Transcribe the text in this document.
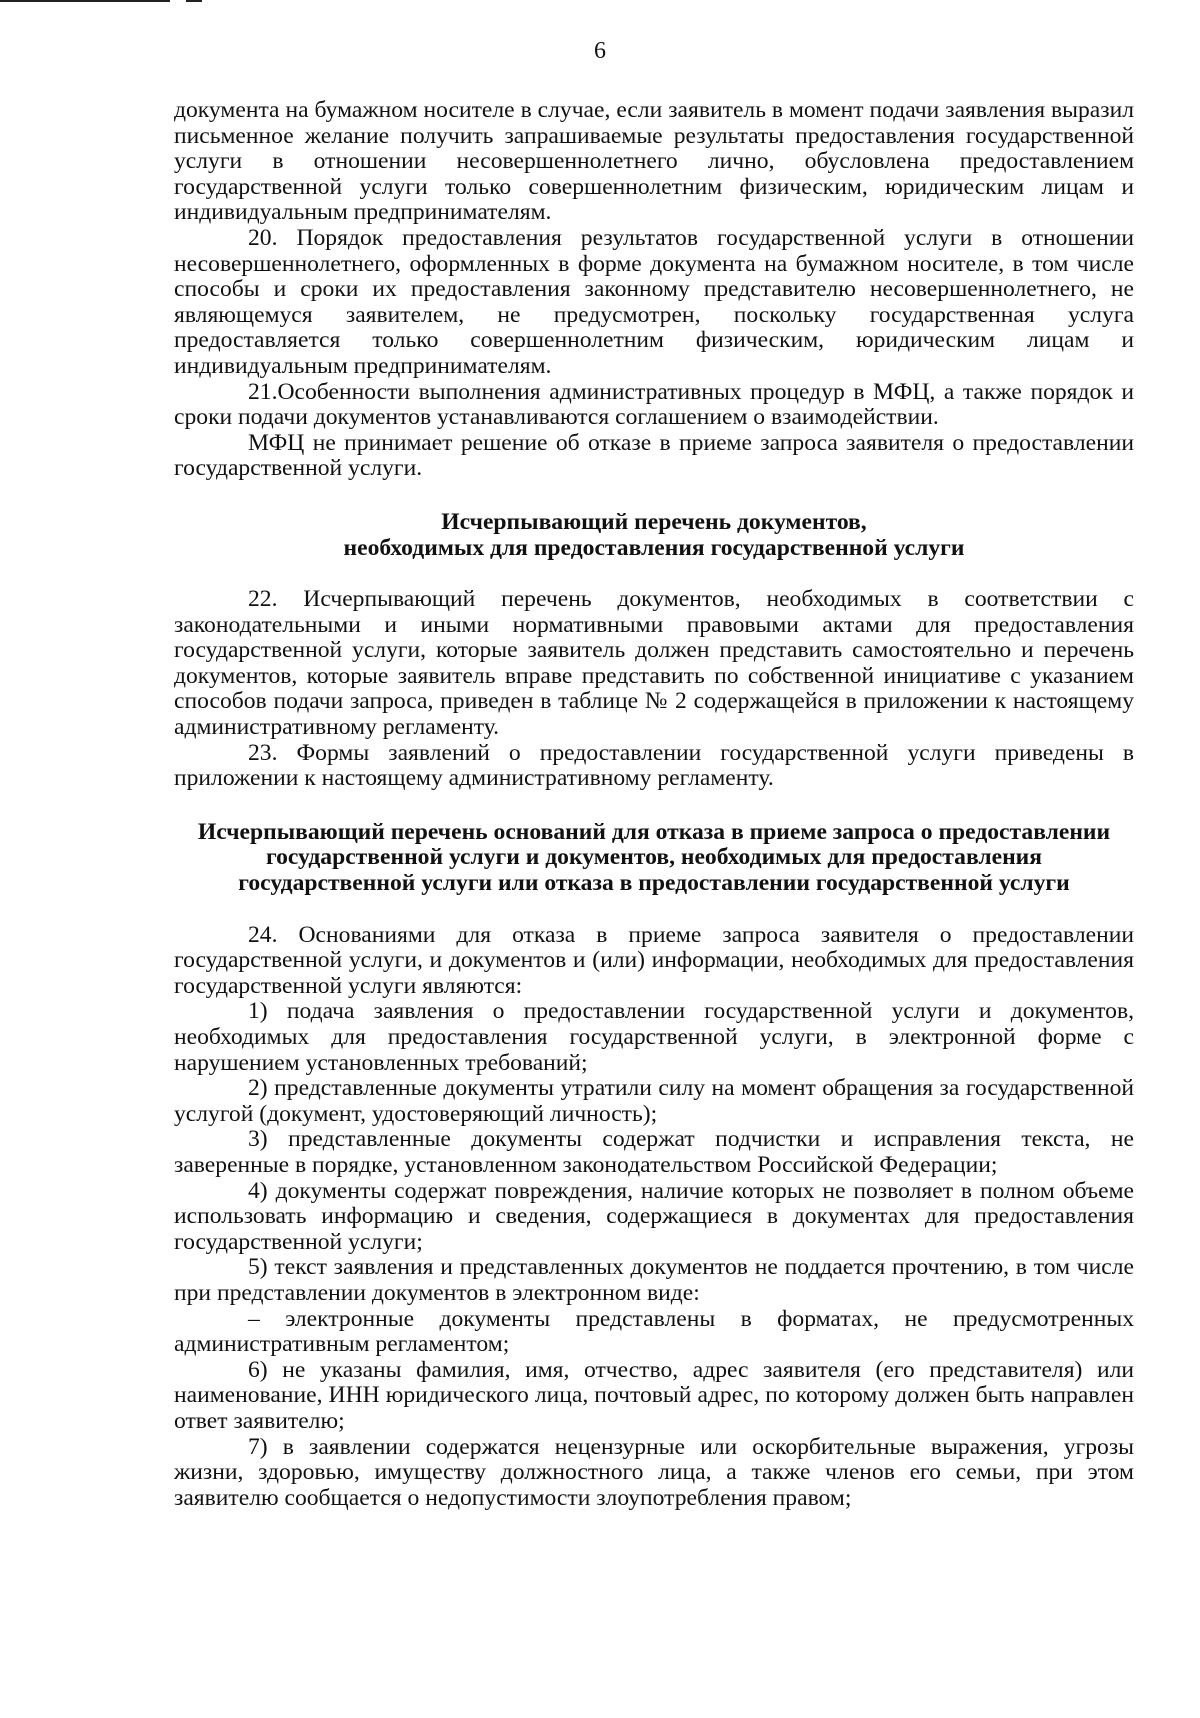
6

документа на бумажном носителе в случае, если заявитель в момент подачи заявления выразил письменное желание получить запрашиваемые результаты предоставления государственной услуги в отношении несовершеннолетнего лично, обусловлена предоставлением государственной услуги только совершеннолетним физическим, юридическим лицам и индивидуальным предпринимателям.

20. Порядок предоставления результатов государственной услуги в отношении несовершеннолетнего, оформленных в форме документа на бумажном носителе, в том числе способы и сроки их предоставления законному представителю несовершеннолетнего, не являющемуся заявителем, не предусмотрен, поскольку государственная услуга предоставляется только совершеннолетним физическим, юридическим лицам и индивидуальным предпринимателям.

21.Особенности выполнения административных процедур в МФЦ, а также порядок и сроки подачи документов устанавливаются соглашением о взаимодействии.

МФЦ не принимает решение об отказе в приеме запроса заявителя о предоставлении государственной услуги.

Исчерпывающий перечень документов,
необходимых для предоставления государственной услуги

22. Исчерпывающий перечень документов, необходимых в соответствии с законодательными и иными нормативными правовыми актами для предоставления государственной услуги, которые заявитель должен представить самостоятельно и перечень документов, которые заявитель вправе представить по собственной инициативе с указанием способов подачи запроса, приведен в таблице № 2 содержащейся в приложении к настоящему административному регламенту.

23. Формы заявлений о предоставлении государственной услуги приведены в приложении к настоящему административному регламенту.

Исчерпывающий перечень оснований для отказа в приеме запроса о предоставлении
государственной услуги и документов, необходимых для предоставления
государственной услуги или отказа в предоставлении государственной услуги

24. Основаниями для отказа в приеме запроса заявителя о предоставлении государственной услуги, и документов и (или) информации, необходимых для предоставления государственной услуги являются:

1) подача заявления о предоставлении государственной услуги и документов, необходимых для предоставления государственной услуги, в электронной форме с нарушением установленных требований;

2) представленные документы утратили силу на момент обращения за государственной услугой (документ, удостоверяющий личность);

3) представленные документы содержат подчистки и исправления текста, не заверенные в порядке, установленном законодательством Российской Федерации;

4) документы содержат повреждения, наличие которых не позволяет в полном объеме использовать информацию и сведения, содержащиеся в документах для предоставления государственной услуги;

5) текст заявления и представленных документов не поддается прочтению, в том числе при представлении документов в электронном виде:

– электронные документы представлены в форматах, не предусмотренных административным регламентом;

6) не указаны фамилия, имя, отчество, адрес заявителя (его представителя) или наименование, ИНН юридического лица, почтовый адрес, по которому должен быть направлен ответ заявителю;

7) в заявлении содержатся нецензурные или оскорбительные выражения, угрозы жизни, здоровью, имуществу должностного лица, а также членов его семьи, при этом заявителю сообщается о недопустимости злоупотребления правом;
